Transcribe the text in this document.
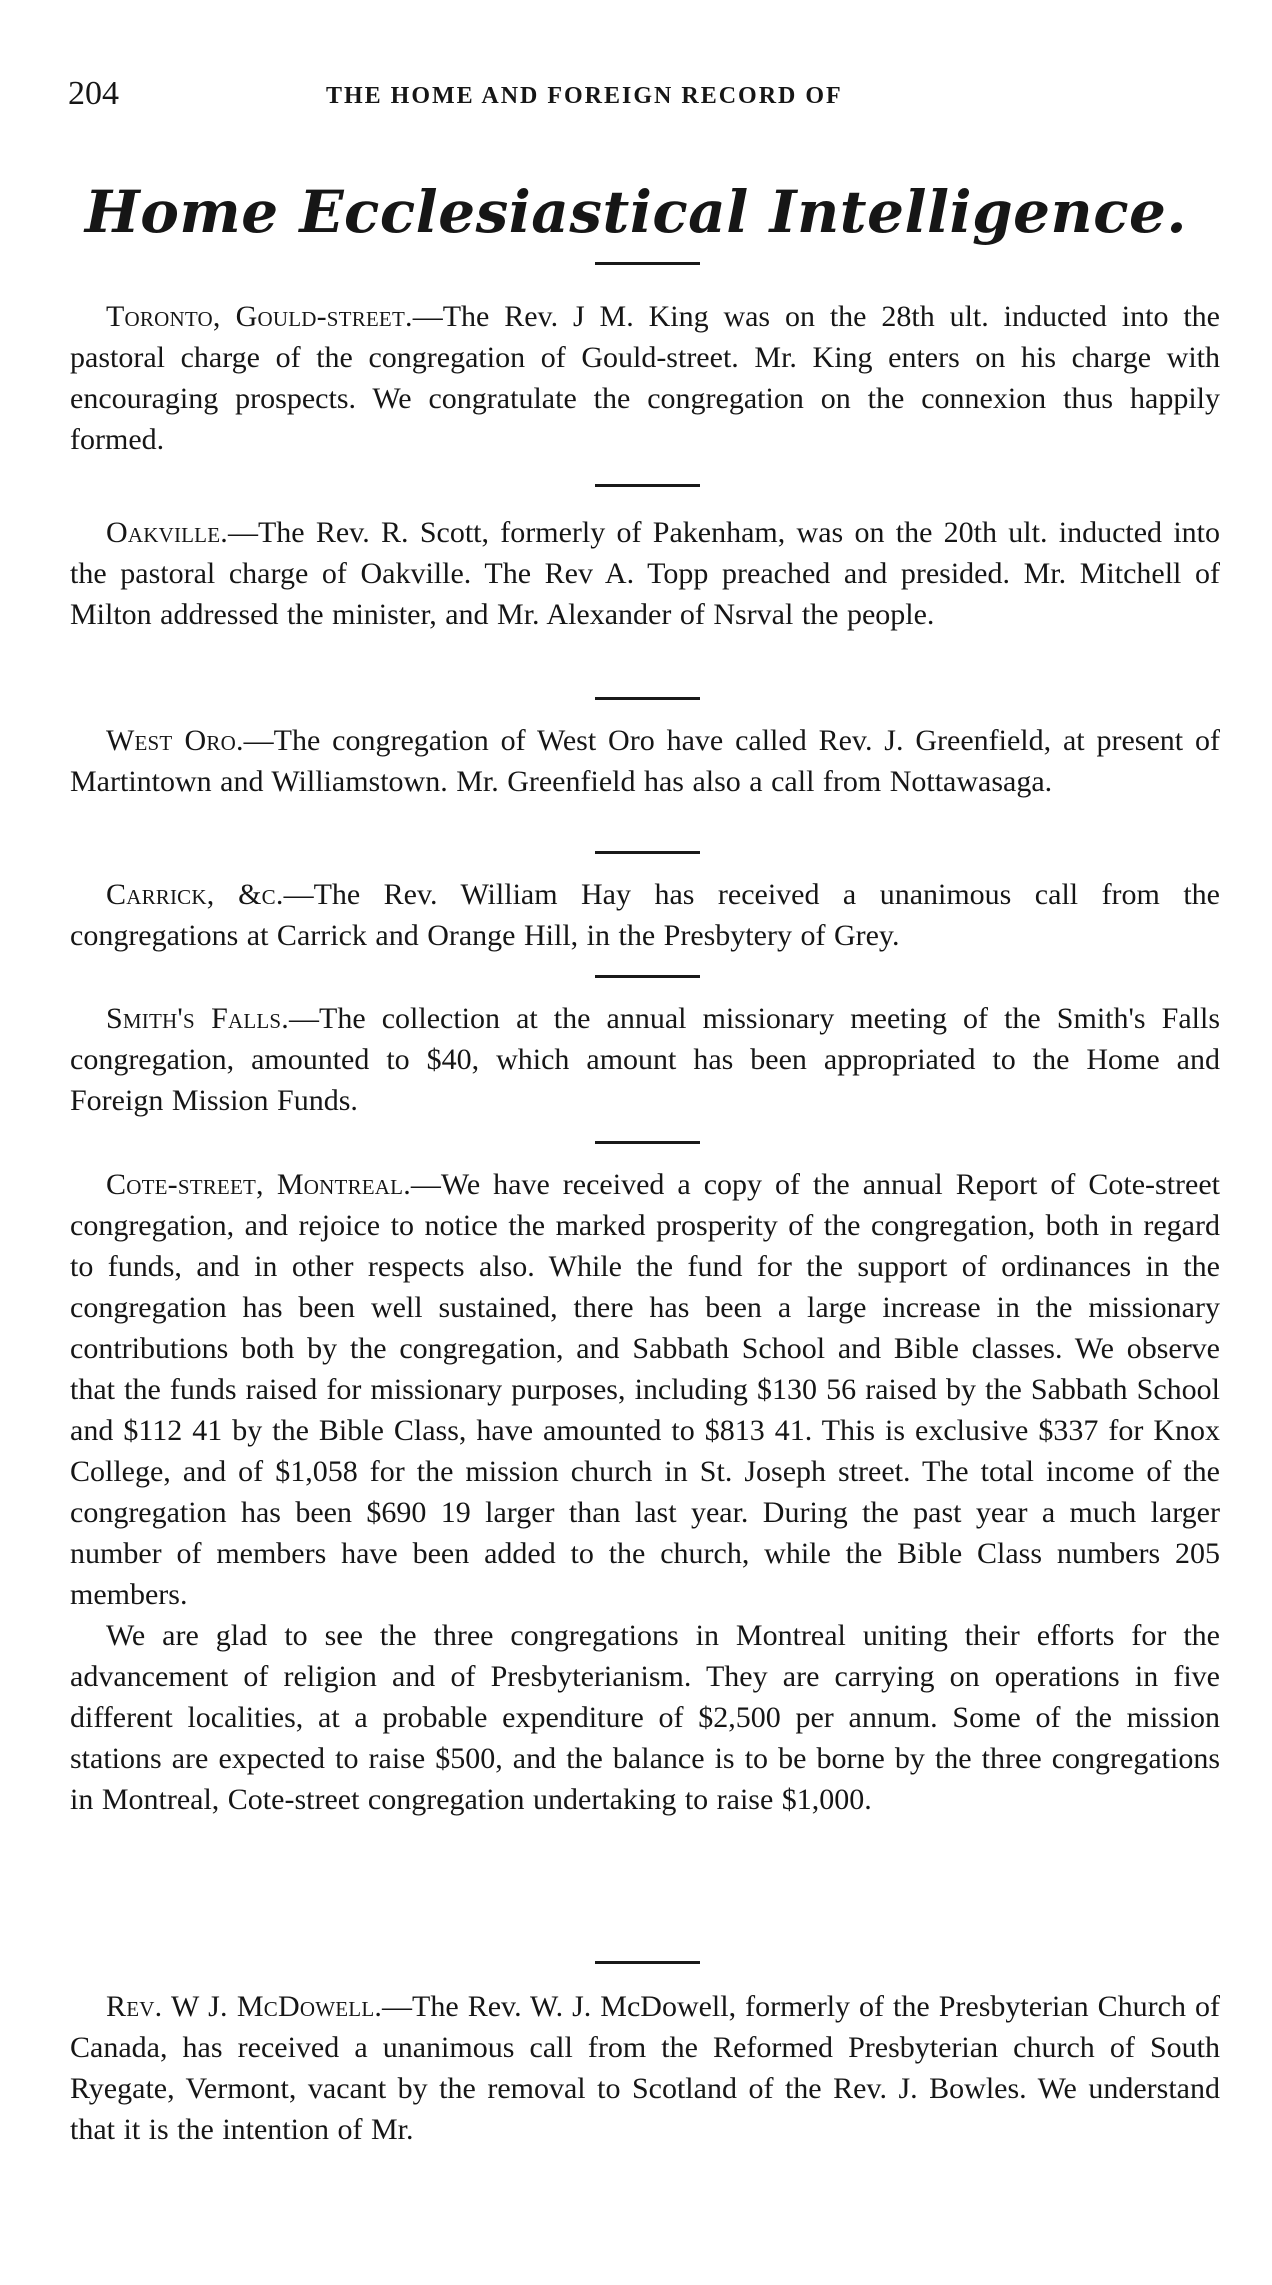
204	THE HOME AND FOREIGN RECORD OF
Home Ecclesiastical Intelligence.

Toronto, Gould-street.—The Rev. J M. King was on the 28th ult. inducted into the pastoral charge of the congregation of Gould-street. Mr. King enters on his charge with encouraging prospects. We congratulate the congregation on the connexion thus happily formed.

Oakville.—The Rev. R. Scott, formerly of Pakenham, was on the 20th ult. inducted into the pastoral charge of Oakville. The Rev A. Topp preached and presided. Mr. Mitchell of Milton addressed the minister, and Mr. Alexander of Nsrval the people.

West Oro.—The congregation of West Oro have called Rev. J. Greenfield, at present of Martintown and Williamstown. Mr. Greenfield has also a call from Nottawasaga.

Carrick, &c.—The Rev. William Hay has received a unanimous call from the congregations at Carrick and Orange Hill, in the Presbytery of Grey.

Smith's Falls.—The collection at the annual missionary meeting of the Smith's Falls congregation, amounted to $40, which amount has been appropriated to the Home and Foreign Mission Funds.

Cote-street, Montreal.—We have received a copy of the annual Report of Cote-street congregation, and rejoice to notice the marked prosperity of the congregation, both in regard to funds, and in other respects also. While the fund for the support of ordinances in the congregation has been well sustained, there has been a large increase in the missionary contributions both by the congregation, and Sabbath School and Bible classes. We observe that the funds raised for missionary purposes, including $130 56 raised by the Sabbath School and $112 41 by the Bible Class, have amounted to $813 41. This is exclusive $337 for Knox College, and of $1,058 for the mission church in St. Joseph street. The total income of the congregation has been $690 19 larger than last year. During the past year a much larger number of members have been added to the church, while the Bible Class numbers 205 members.

We are glad to see the three congregations in Montreal uniting their efforts for the advancement of religion and of Presbyterianism. They are carrying on operations in five different localities, at a probable expenditure of $2,500 per annum. Some of the mission stations are expected to raise $500, and the balance is to be borne by the three congregations in Montreal, Cote-street congregation undertaking to raise $1,000.

Rev. W J. McDowell.—The Rev. W. J. McDowell, formerly of the Presbyterian Church of Canada, has received a unanimous call from the Reformed Presbyterian church of South Ryegate, Vermont, vacant by the removal to Scotland of the Rev. J. Bowles. We understand that it is the intention of Mr.
